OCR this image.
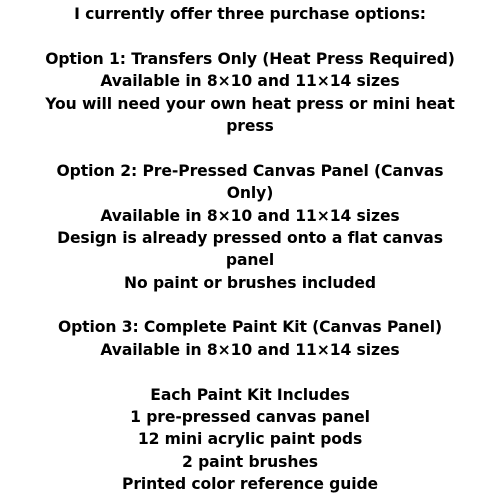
I currently offer three purchase options:
Option 1: Transfers Only (Heat Press Required)
Available in 8×10 and 11×14 sizes
You will need your own heat press or mini heat
press
Option 2: Pre-Pressed Canvas Panel (Canvas
Only)
Available in 8×10 and 11×14 sizes
Design is already pressed onto a flat canvas
panel
No paint or brushes included
Option 3: Complete Paint Kit (Canvas Panel)
Available in 8×10 and 11×14 sizes
Each Paint Kit Includes
1 pre-pressed canvas panel
12 mini acrylic paint pods
2 paint brushes
Printed color reference guide
